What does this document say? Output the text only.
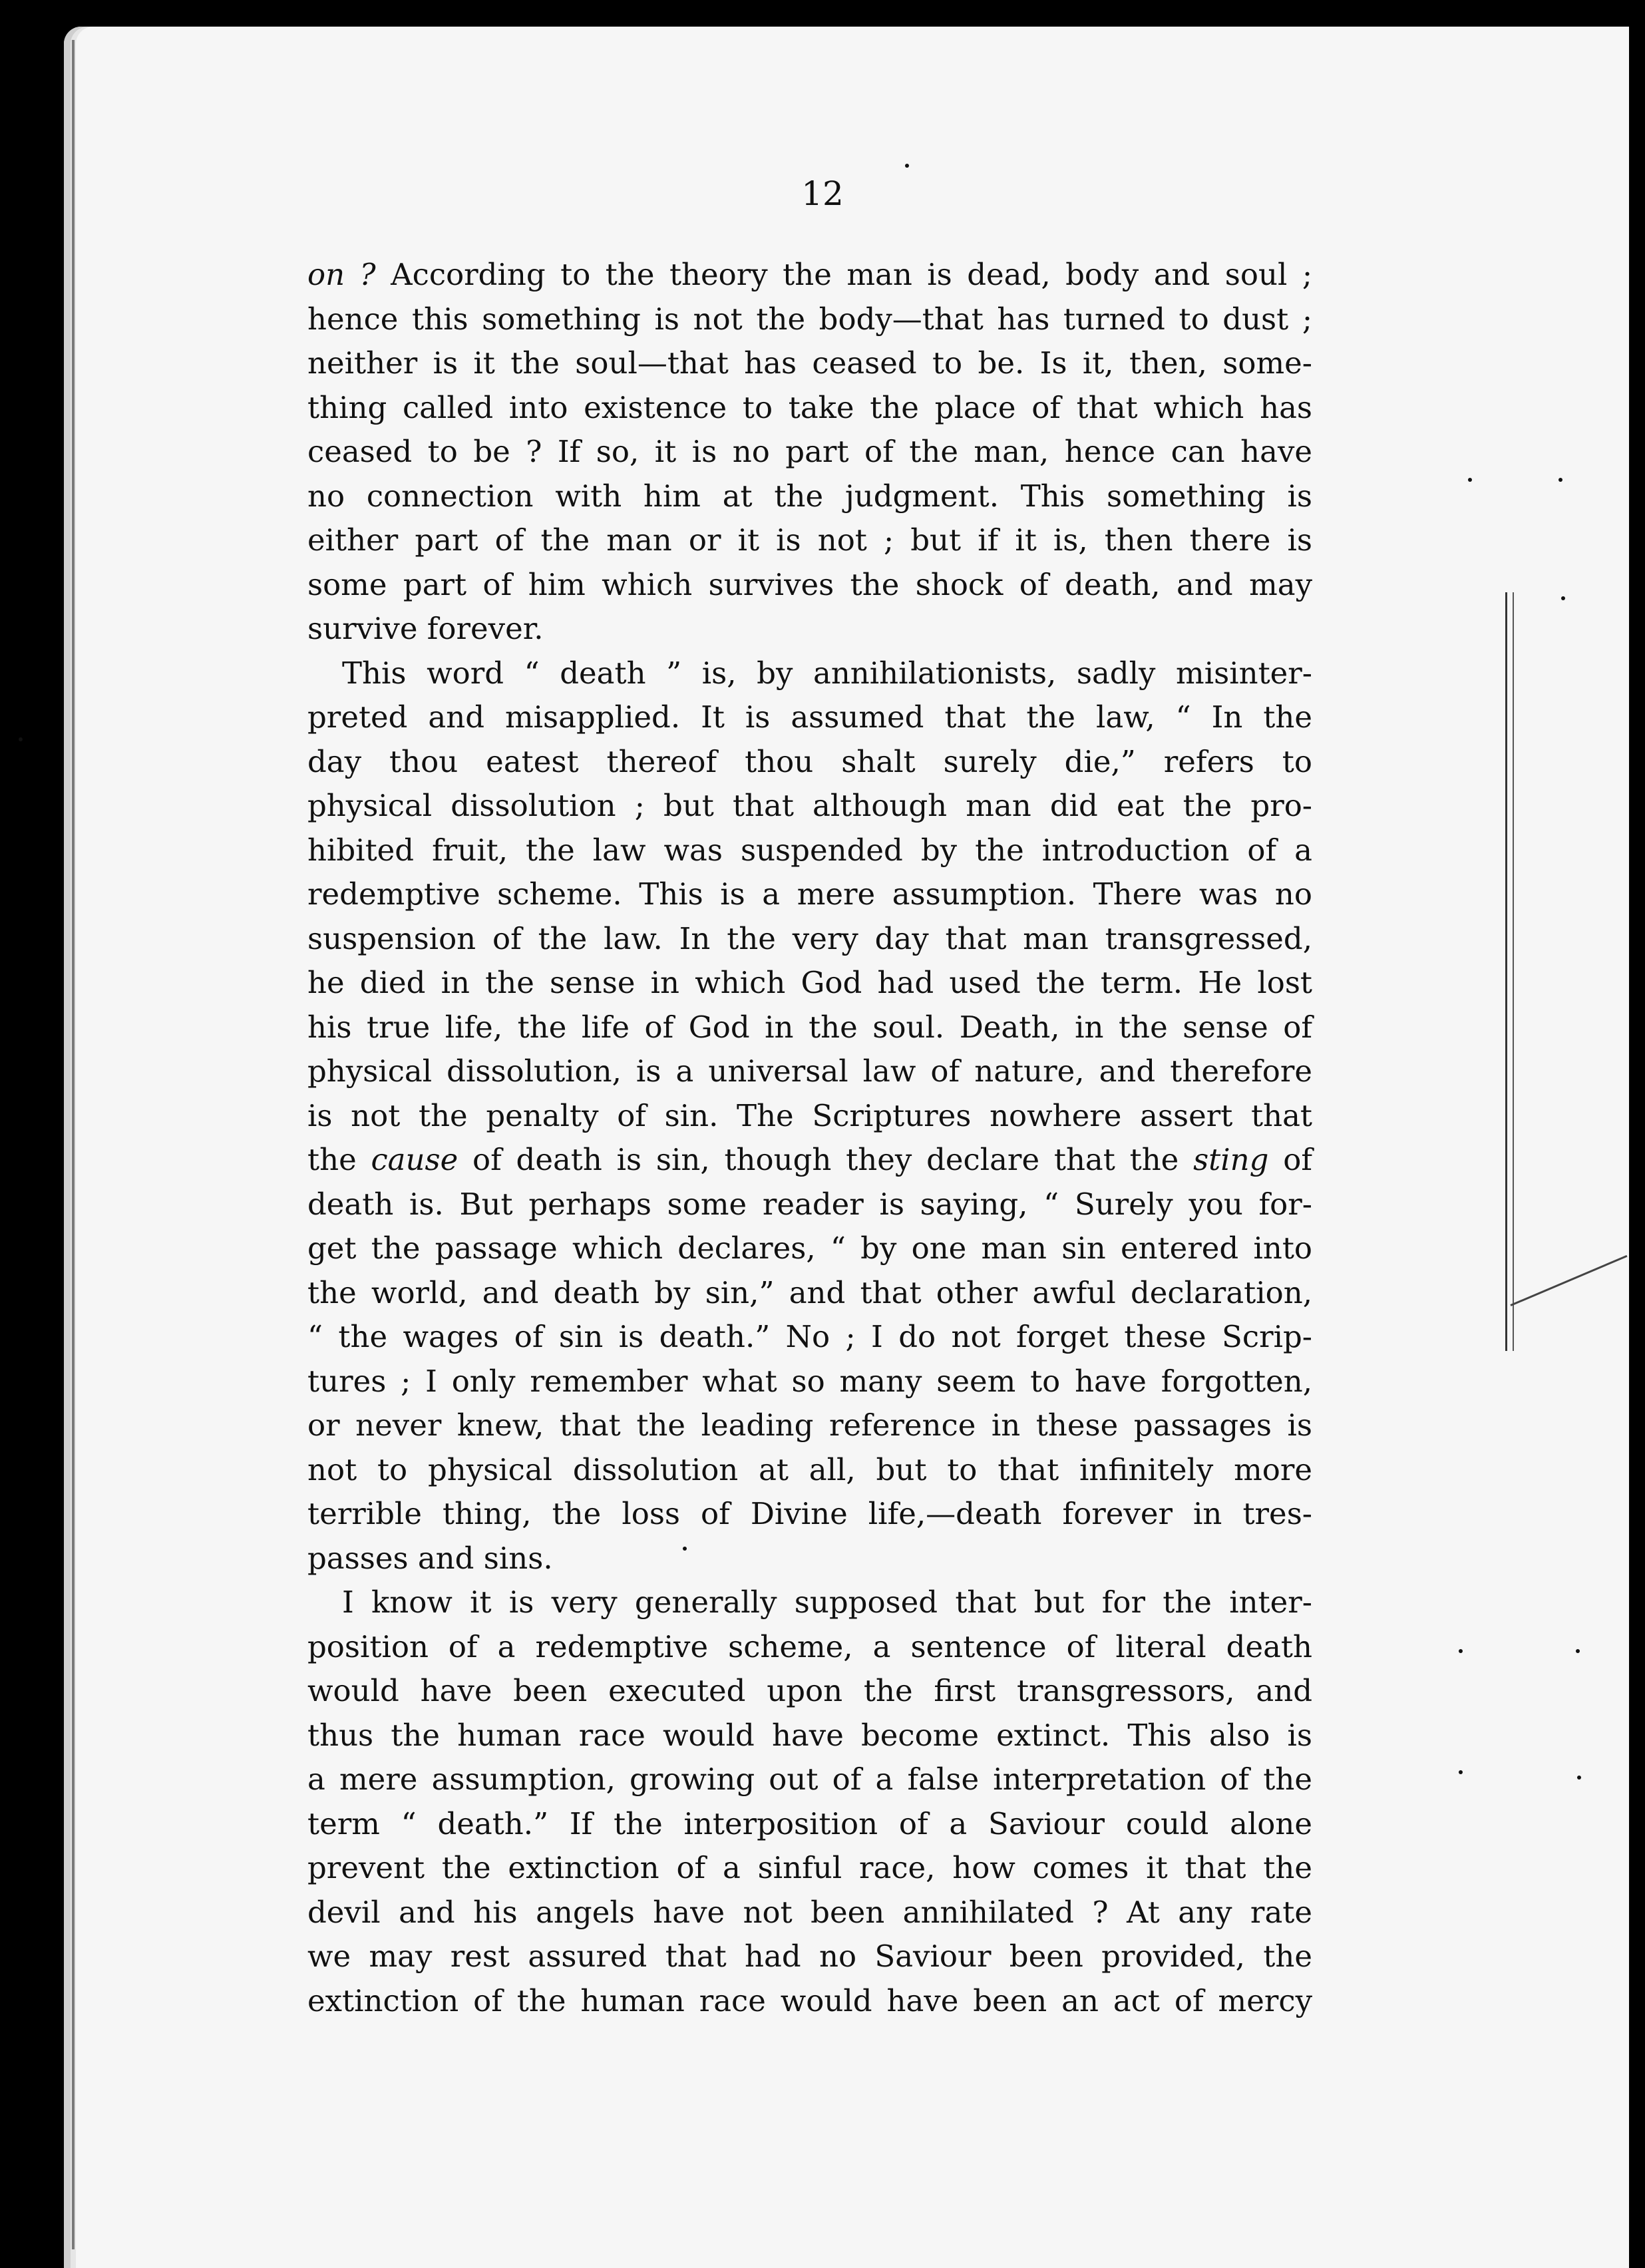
12
on ? According to the theory the man is dead, body and soul ;
hence this something is not the body—that has turned to dust ;
neither is it the soul—that has ceased to be. Is it, then, some-
thing called into existence to take the place of that which has
ceased to be ? If so, it is no part of the man, hence can have
no connection with him at the judgment. This something is
either part of the man or it is not ; but if it is, then there is
some part of him which survives the shock of death, and may
survive forever.
This word “ death ” is, by annihilationists, sadly misinter-
preted and misapplied. It is assumed that the law, “ In the
day thou eatest thereof thou shalt surely die,” refers to
physical dissolution ; but that although man did eat the pro-
hibited fruit, the law was suspended by the introduction of a
redemptive scheme. This is a mere assumption. There was no
suspension of the law. In the very day that man transgressed,
he died in the sense in which God had used the term. He lost
his true life, the life of God in the soul. Death, in the sense of
physical dissolution, is a universal law of nature, and therefore
is not the penalty of sin. The Scriptures nowhere assert that
the cause of death is sin, though they declare that the sting of
death is. But perhaps some reader is saying, “ Surely you for-
get the passage which declares, “ by one man sin entered into
the world, and death by sin,” and that other awful declaration,
“ the wages of sin is death.” No ; I do not forget these Scrip-
tures ; I only remember what so many seem to have forgotten,
or never knew, that the leading reference in these passages is
not to physical dissolution at all, but to that infinitely more
terrible thing, the loss of Divine life,—death forever in tres-
passes and sins.
I know it is very generally supposed that but for the inter-
position of a redemptive scheme, a sentence of literal death
would have been executed upon the first transgressors, and
thus the human race would have become extinct. This also is
a mere assumption, growing out of a false interpretation of the
term “ death.” If the interposition of a Saviour could alone
prevent the extinction of a sinful race, how comes it that the
devil and his angels have not been annihilated ? At any rate
we may rest assured that had no Saviour been provided, the
extinction of the human race would have been an act of mercy
